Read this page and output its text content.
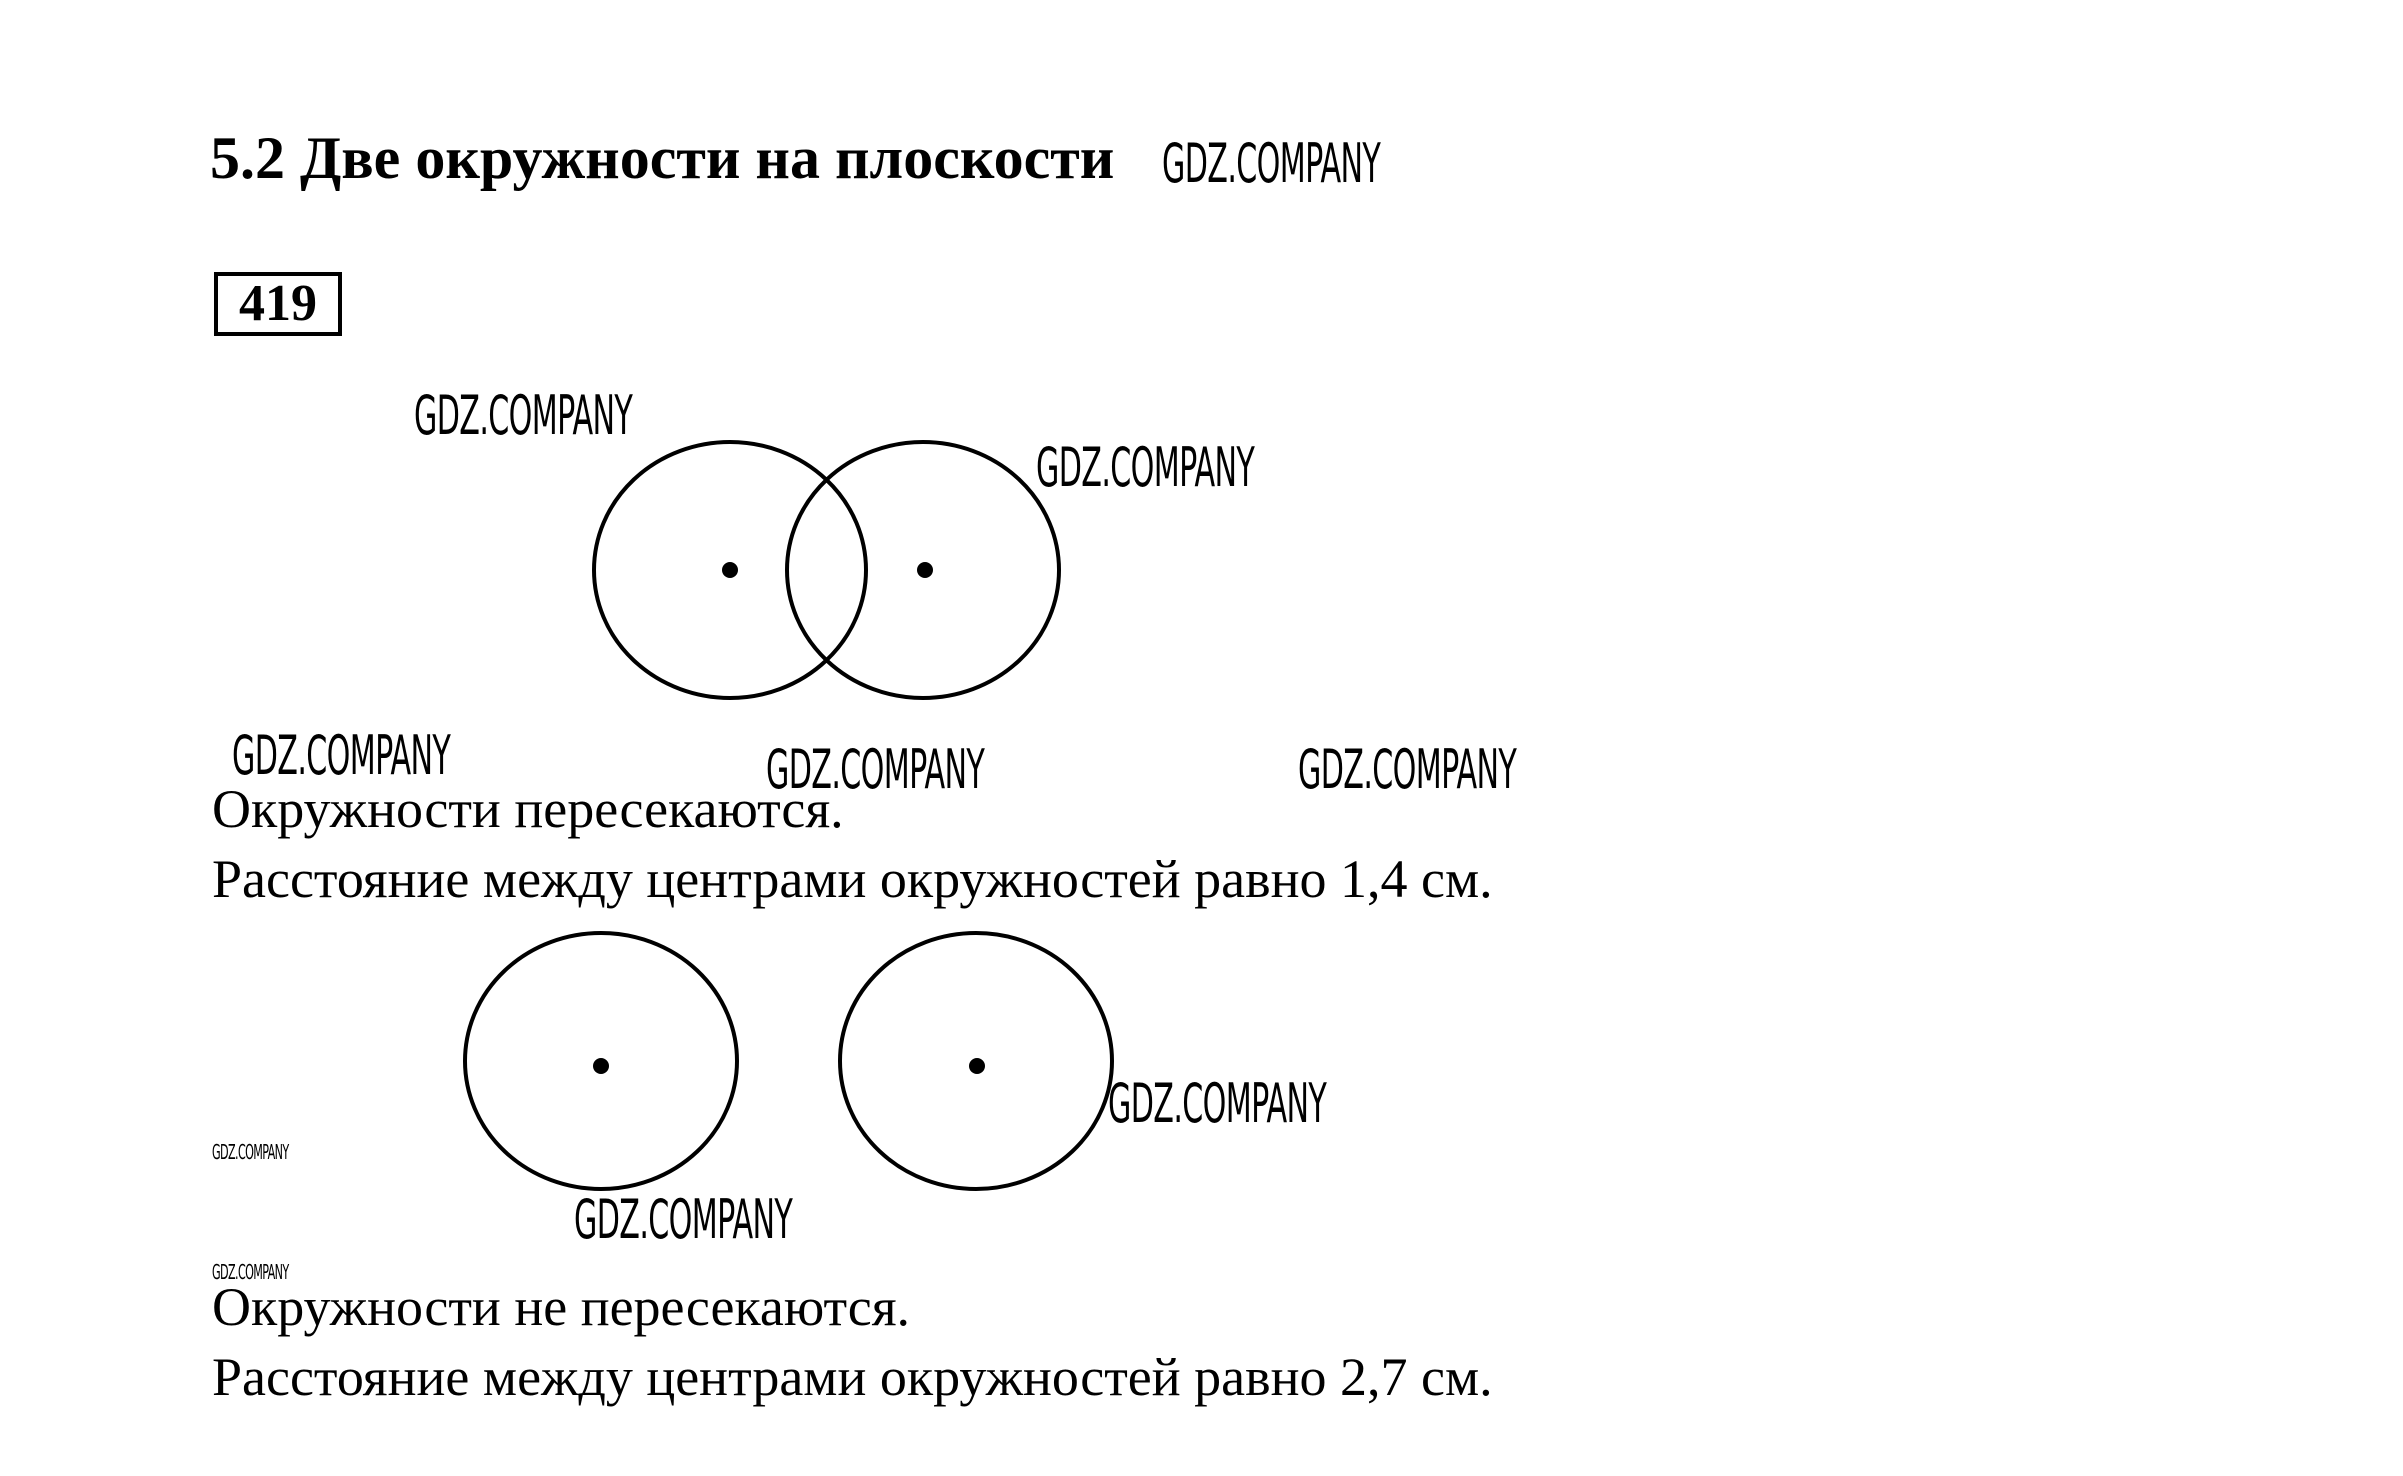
5.2 Две окружности на плоскости
419
Окружности пересекаются.
Расстояние между центрами окружностей равно 1,4 см.
Окружности не пересекаются.
Расстояние между центрами окружностей равно 2,7 см.
GDZ.COMPANY
GDZ.COMPANY
GDZ.COMPANY
GDZ.COMPANY	GDZ.COMPANY	GDZ.COMPANY
GDZ.COMPANY
GDZ.COMPANY
GDZ.COMPANY
GDZ.COMPANY
